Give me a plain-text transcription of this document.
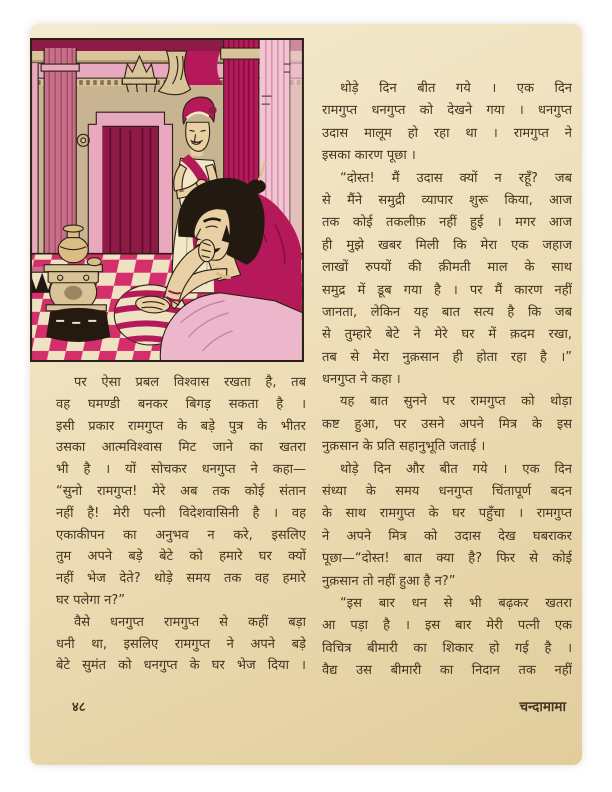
पर ऐसा प्रबल विश्वास रखता है, तब
वह घमण्डी बनकर बिगड़ सकता है ।
इसी प्रकार रामगुप्त के बड़े पुत्र के भीतर
उसका आत्मविश्वास मिट जाने का खतरा
भी है । यों सोचकर धनगुप्त ने कहा—
“सुनो रामगुप्त! मेरे अब तक कोई संतान
नहीं है! मेरी पत्नी विदेशवासिनी है । वह
एकाकीपन का अनुभव न करे, इसलिए
तुम अपने बड़े बेटे को हमारे घर क्यों
नहीं भेज देते? थोड़े समय तक वह हमारे
घर पलेगा न?”
वैसे धनगुप्त रामगुप्त से कहीं बड़ा
धनी था, इसलिए रामगुप्त ने अपने बड़े
बेटे सुमंत को धनगुप्त के घर भेज दिया ।
थोड़े दिन बीत गये । एक दिन
रामगुप्त धनगुप्त को देखने गया । धनगुप्त
उदास मालूम हो रहा था । रामगुप्त ने
इसका कारण पूछा ।
“दोस्त! मैं उदास क्यों न रहूँ? जब
से मैंने समुद्री व्यापार शुरू किया, आज
तक कोई तकलीफ़ नहीं हुई । मगर आज
ही मुझे खबर मिली कि मेरा एक जहाज
लाखों रुपयों की क़ीमती माल के साथ
समुद्र में डूब गया है । पर मैं कारण नहीं
जानता, लेकिन यह बात सत्य है कि जब
से तुम्हारे बेटे ने मेरे घर में क़दम रखा,
तब से मेरा नुक़सान ही होता रहा है ।”
धनगुप्त ने कहा ।
यह बात सुनने पर रामगुप्त को थोड़ा
कष्ट हुआ, पर उसने अपने मित्र के इस
नुक़सान के प्रति सहानुभूति जताई ।
थोड़े दिन और बीत गये । एक दिन
संध्या के समय धनगुप्त चिंतापूर्ण बदन
के साथ रामगुप्त के घर पहुँचा । रामगुप्त
ने अपने मित्र को उदास देख घबराकर
पूछा—“दोस्त! बात क्या है? फिर से कोई
नुक़सान तो नहीं हुआ है न?”
“इस बार धन से भी बढ़कर खतरा
आ पड़ा है । इस बार मेरी पत्नी एक
विचित्र बीमारी का शिकार हो गई है ।
वैद्य उस बीमारी का निदान तक नहीं
४८	चन्दामामा
